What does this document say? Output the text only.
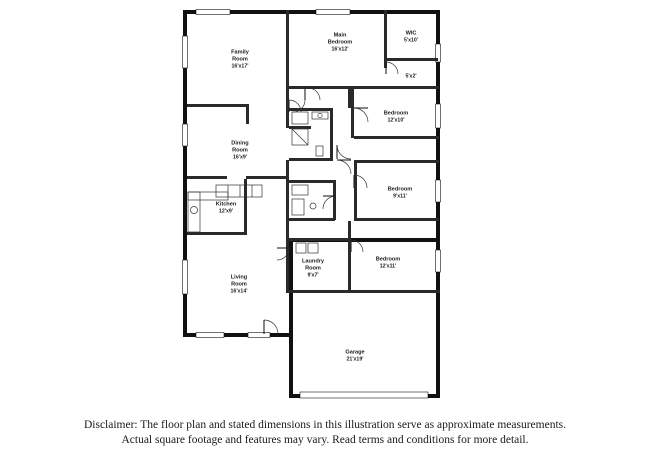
Family
Room
16'x17'
Main
Bedroom
16'x12'
WIC
5'x10'
5'x2'
Bedroom
12'x10'
Dining
Room
16'x9'
Bedroom
9'x11'
Kitchen
12'x9'
Laundry
Room
9'x7'
Bedroom
12'x11'
Living
Room
16'x14'
Garage
21'x19'
Disclaimer: The floor plan and stated dimensions in this illustration serve as approximate measurements.
Actual square footage and features may vary. Read terms and conditions for more detail.
